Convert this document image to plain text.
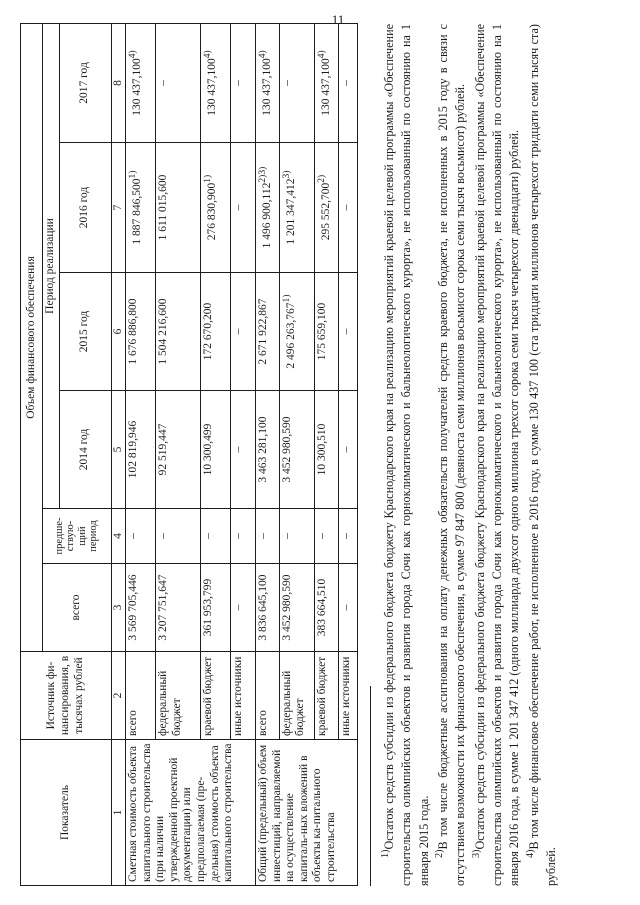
11
Показатель	Источник фи-нансирования, в тысячах рублей	Объем финансового обеспечения					
		всего	предше-ствую-щий период	Период реализации			
				2014 год	2015 год	2016 год	2017 год
1	2	3	4	5	6	7	8
Сметная стоимость объекта капитального строительства (при наличии утвержденной проектной документации) или предполагаемая (пре-дельная) стоимость объекта капитального строительства	всего	3 569 705,446	–	102 819,946	1 676 886,800	1 887 846,500$^{1)}$	130 437,100$^{4)}$
	федеральный бюджет	3 207 751,647	–	92 519,447	1 504 216,600	1 611 015,600	–
	краевой бюджет	361 953,799	–	10 300,499	172 670,200	276 830,900$^{1)}$	130 437,100$^{4)}$
	иные источники	–	–	–	–	–	–
Общий (предельный) объем инвестиций, направляемой на осуществление капиталь-ных вложений в объекты ка-питального строительства	всего	3 836 645,100	–	3 463 281,100	2 671 922,867	1 496 $900,112^{2)3)}$	130 437,100$^{4)}$
	федеральный бюджет	3 452 980,590	–	3 452 980,590	2 496 263,767$^{1)}$	1 201 347,412$^{3)}$	–
	краевой бюджет	383 664,510	–	10 300,510	175 659,100	295 552,700$^{2)}$	130 437,100$^{4)}$
	иные источники	–	–	–	–	–	–

$^{1)}$Остаток средств субсидии из федерального бюджета бюджету Краснодарского края на реализацию мероприятий краевой целевой программы «Обеспечение строительства олимпийских объектов и развития города Сочи как горноклиматического и бальнеологического курорта», не использованный по состоянию на 1 января 2015 года. $^{2)}$В том числе бюджетные ассигнования на оплату денежных обязательств получателей средств краевого бюджета, не исполненных в 2015 году в связи с отсутствием возможности их финансового обеспечения, в сумме 97 847 800 (девяноста семи миллионов восьмисот сорока семи тысяч восьмисот) рублей. $^{3)}$Остаток средств субсидии из федерального бюджета бюджету Краснодарского края на реализацию мероприятий краевой целевой программы «Обеспечение строительства олимпийских объектов и развития города Сочи как горноклиматического и бальнеологического курорта», не использованный по состоянию на 1 января 2016 года, в сумме 1 201 347 412 (одного миллиарда двухсот одного миллиона трехсот сорока семи тысяч четырехсот двенадцати) рублей. $^{4)}$В том числе финансовое обеспечение работ, не исполненное в 2016 году, в сумме 130 437 100 (ста тридцати миллионов четырехсот тридцати семи тысяч ста) рублей.
